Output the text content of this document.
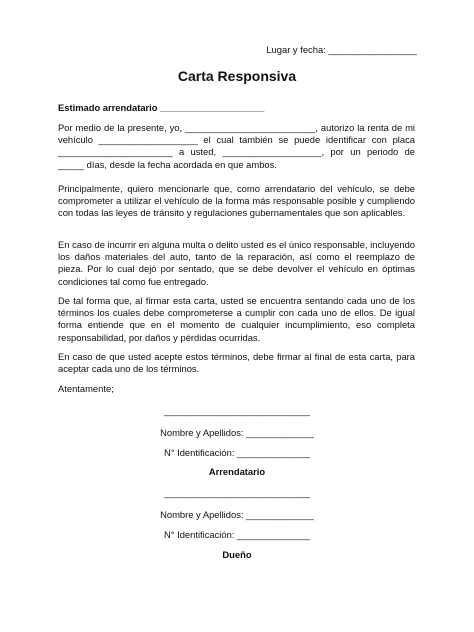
Lugar y fecha: _________________
Carta Responsiva
Estimado arrendatario ____________________

Por medio de la presente, yo, _________________________, autorizo la renta de mi vehículo ___________________ el cual también se puede identificar con placa ______________________ a usted, ___________________, por un periodo de _____ días, desde la fecha acordada en que ambos.

Principalmente, quiero mencionarle que, como arrendatario del vehículo, se debe comprometer a utilizar el vehículo de la forma más responsable posible y cumpliendo con todas las leyes de tránsito y regulaciones gubernamentales que son aplicables.

En caso de incurrir en alguna multa o delito usted es el único responsable, incluyendo los daños materiales del auto, tanto de la reparación, así como el reemplazo de pieza. Por lo cual dejó por sentado, que se debe devolver el vehículo en óptimas condiciones tal como fue entregado.

De tal forma que, al firmar esta carta, usted se encuentra sentando cada uno de los términos los cuales debe comprometerse a cumplir con cada uno de ellos. De igual forma entiende que en el momento de cualquier incumplimiento, eso completa responsabilidad, por daños y pérdidas ocurridas.

En caso de que usted acepte estos términos, debe firmar al final de esta carta, para aceptar cada uno de los términos.

Atentamente;
____________________________
Nombre y Apellidos: _____________
N° Identificación: ______________
Arrendatario
____________________________
Nombre y Apellidos: _____________
N° Identificación: ______________
Dueño
